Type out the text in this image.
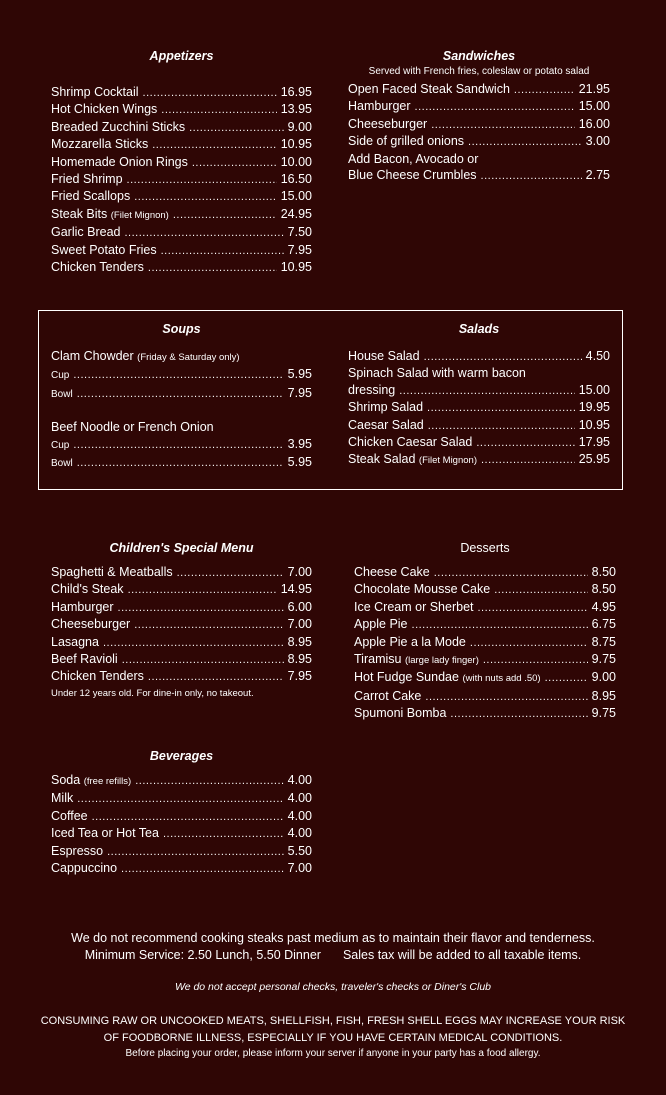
Appetizers
Shrimp Cocktail .....	16.95
Hot Chicken Wings .....	13.95
Breaded Zucchini Sticks .....	9.00
Mozzarella Sticks .....	10.95
Homemade Onion Rings .....	10.00
Fried Shrimp .....	16.50
Fried Scallops .....	15.00
Steak Bits (Filet Mignon) .....	24.95
Garlic Bread .....	7.50
Sweet Potato Fries .....	7.95
Chicken Tenders .....	10.95
Sandwiches
Served with French fries, coleslaw or potato salad
Open Faced Steak Sandwich .....	21.95
Hamburger .....	15.00
Cheeseburger .....	16.00
Side of grilled onions .....	3.00
Add Bacon, Avocado or
Blue Cheese Crumbles .....	2.75
Soups
Clam Chowder (Friday & Saturday only)
Cup .....	5.95
Bowl .....	7.95
Beef Noodle or French Onion
Cup .....	3.95
Bowl .....	5.95
Salads
House Salad .....	4.50
Spinach Salad with warm bacon
dressing .....	15.00
Shrimp Salad .....	19.95
Caesar Salad .....	10.95
Chicken Caesar Salad .....	17.95
Steak Salad (Filet Mignon) .....	25.95
Children's Special Menu
Spaghetti & Meatballs .....	7.00
Child's Steak .....	14.95
Hamburger .....	6.00
Cheeseburger .....	7.00
Lasagna .....	8.95
Beef Ravioli .....	8.95
Chicken Tenders .....	7.95
Under 12 years old. For dine-in only, no takeout.
Desserts
Cheese Cake .....	8.50
Chocolate Mousse Cake .....	8.50
Ice Cream or Sherbet .....	4.95
Apple Pie .....	6.75
Apple Pie a la Mode .....	8.75
Tiramisu (large lady finger) .....	9.75
Hot Fudge Sundae (with nuts add .50) .....	9.00
Carrot Cake .....	8.95
Spumoni Bomba .....	9.75
Beverages
Soda (free refills) .....	4.00
Milk .....	4.00
Coffee .....	4.00
Iced Tea or Hot Tea .....	4.00
Espresso .....	5.50
Cappuccino .....	7.00
We do not recommend cooking steaks past medium as to maintain their flavor and tenderness.
Minimum Service: 2.50 Lunch, 5.50 Dinner Sales tax will be added to all taxable items.
We do not accept personal checks, traveler's checks or Diner's Club
CONSUMING RAW OR UNCOOKED MEATS, SHELLFISH, FISH, FRESH SHELL EGGS MAY INCREASE YOUR RISK
OF FOODBORNE ILLNESS, ESPECIALLY IF YOU HAVE CERTAIN MEDICAL CONDITIONS.
Before placing your order, please inform your server if anyone in your party has a food allergy.
